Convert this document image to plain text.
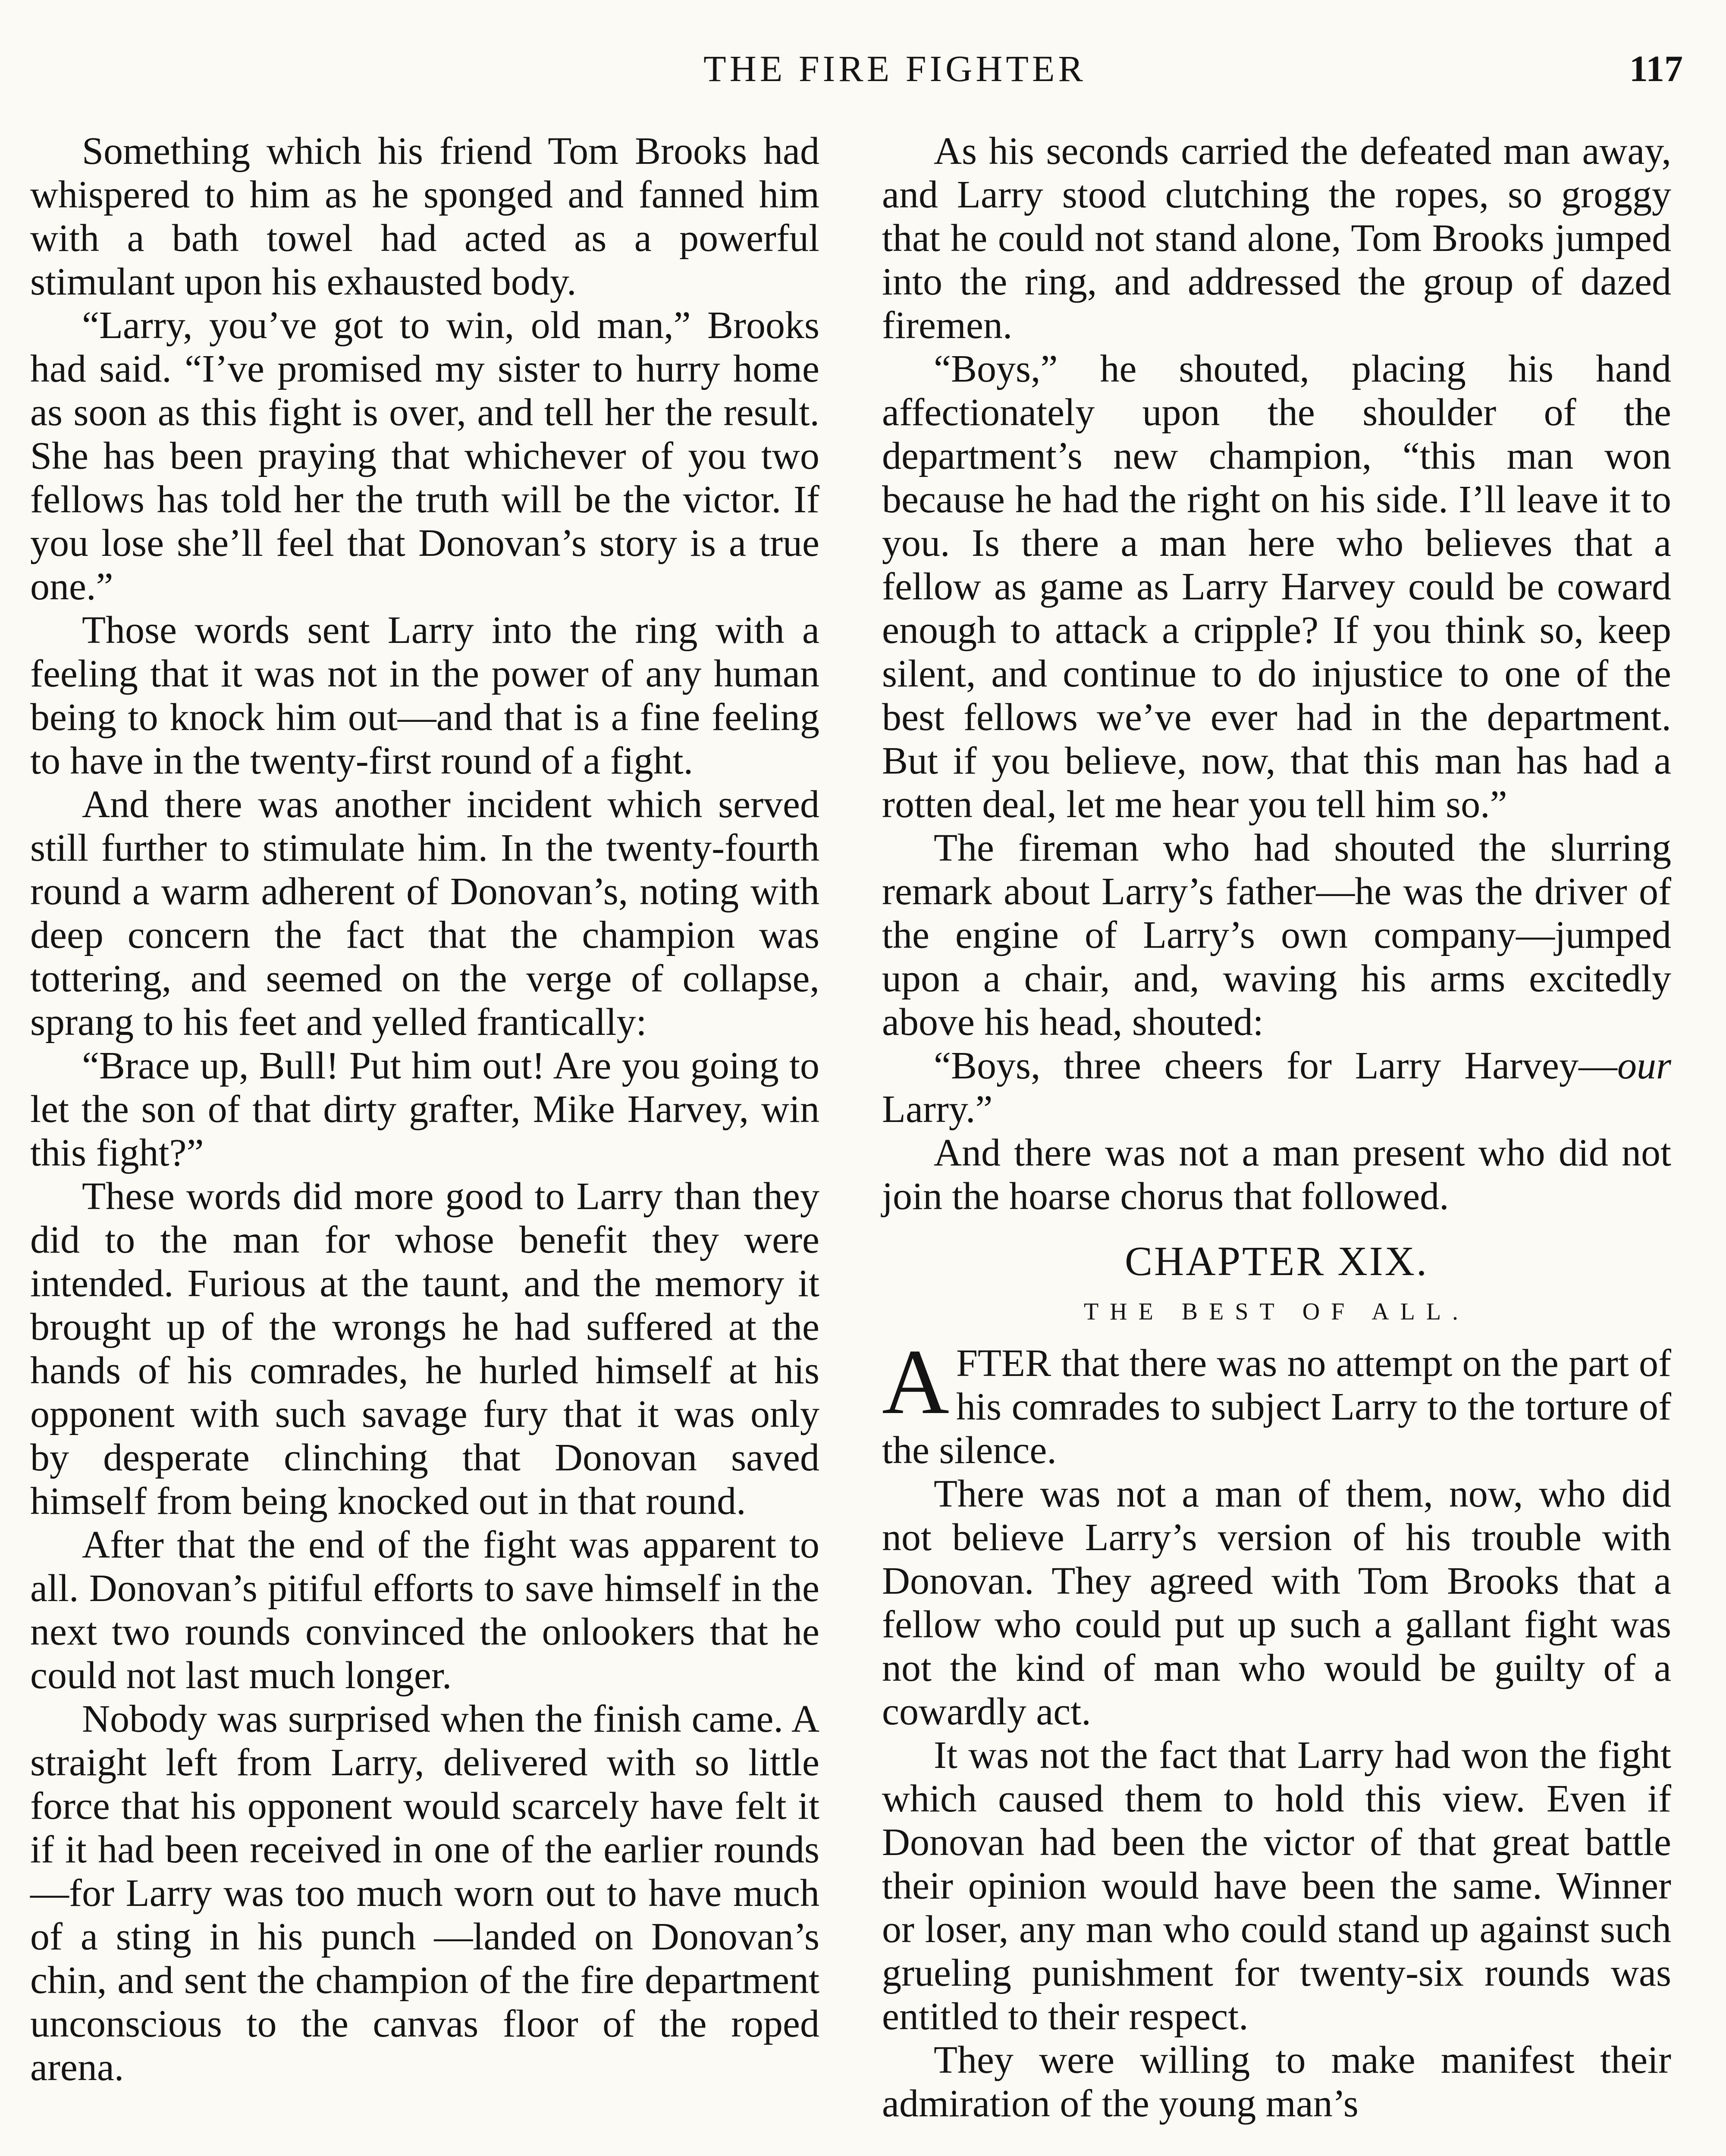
THE FIRE FIGHTER	117

Something which his friend Tom Brooks had whispered to him as he sponged and fanned him with a bath towel had acted as a powerful stimulant upon his exhausted body.

“Larry, you’ve got to win, old man,” Brooks had said. “I’ve promised my sister to hurry home as soon as this fight is over, and tell her the result. She has been praying that whichever of you two fellows has told her the truth will be the victor. If you lose she’ll feel that Donovan’s story is a true one.”

Those words sent Larry into the ring with a feeling that it was not in the power of any human being to knock him out—and that is a fine feeling to have in the twenty-first round of a fight.

And there was another incident which served still further to stimulate him. In the twenty-fourth round a warm adherent of Donovan’s, noting with deep concern the fact that the champion was tottering, and seemed on the verge of collapse, sprang to his feet and yelled frantically:

“Brace up, Bull! Put him out! Are you going to let the son of that dirty grafter, Mike Harvey, win this fight?”

These words did more good to Larry than they did to the man for whose benefit they were intended. Furious at the taunt, and the memory it brought up of the wrongs he had suffered at the hands of his comrades, he hurled himself at his opponent with such savage fury that it was only by desperate clinching that Donovan saved himself from being knocked out in that round.

After that the end of the fight was apparent to all. Donovan’s pitiful efforts to save himself in the next two rounds convinced the onlookers that he could not last much longer.

Nobody was surprised when the finish came. A straight left from Larry, delivered with so little force that his opponent would scarcely have felt it if it had been received in one of the earlier rounds—for Larry was too much worn out to have much of a sting in his punch —landed on Donovan’s chin, and sent the champion of the fire department unconscious to the canvas floor of the roped arena.

As his seconds carried the defeated man away, and Larry stood clutching the ropes, so groggy that he could not stand alone, Tom Brooks jumped into the ring, and addressed the group of dazed firemen.

“Boys,” he shouted, placing his hand affectionately upon the shoulder of the department’s new champion, “this man won because he had the right on his side. I’ll leave it to you. Is there a man here who believes that a fellow as game as Larry Harvey could be coward enough to attack a cripple? If you think so, keep silent, and continue to do injustice to one of the best fellows we’ve ever had in the department. But if you believe, now, that this man has had a rotten deal, let me hear you tell him so.”

The fireman who had shouted the slurring remark about Larry’s father—he was the driver of the engine of Larry’s own company—jumped upon a chair, and, waving his arms excitedly above his head, shouted:

“Boys, three cheers for Larry Harvey—our Larry.”

And there was not a man present who did not join the hoarse chorus that followed.

CHAPTER XIX.
THE BEST OF ALL.

AFTER that there was no attempt on the part of his comrades to subject Larry to the torture of the silence.

There was not a man of them, now, who did not believe Larry’s version of his trouble with Donovan. They agreed with Tom Brooks that a fellow who could put up such a gallant fight was not the kind of man who would be guilty of a cowardly act.

It was not the fact that Larry had won the fight which caused them to hold this view. Even if Donovan had been the victor of that great battle their opinion would have been the same. Winner or loser, any man who could stand up against such grueling punishment for twenty-six rounds was entitled to their respect.

They were willing to make manifest their admiration of the young man’s
